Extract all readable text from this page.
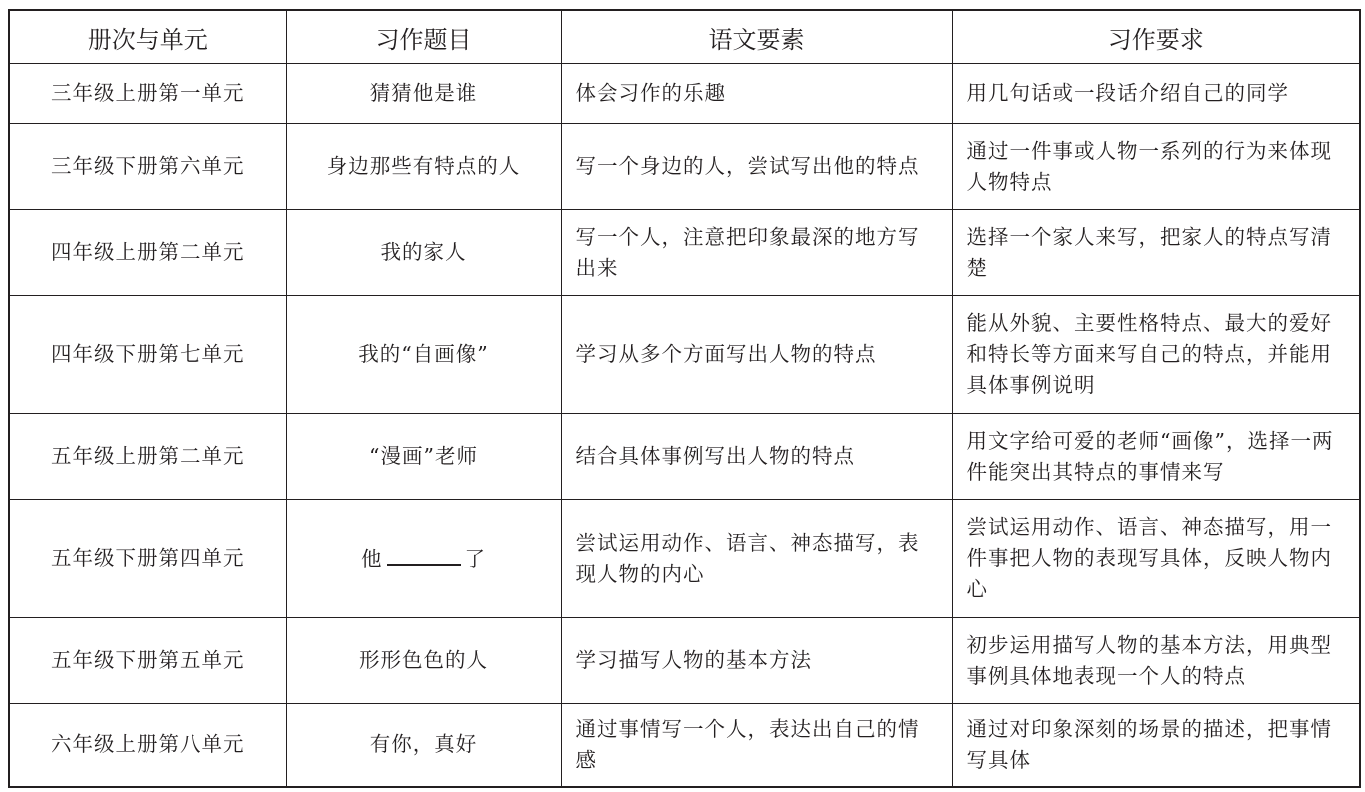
册次与单元	习作题目	语文要素	习作要求
三年级上册第一单元	猜猜他是谁	体会习作的乐趣	用几句话或一段话介绍自己的同学
三年级下册第六单元	身边那些有特点的人	写一个身边的人，尝试写出他的特点	通过一件事或人物一系列的行为来体现人物特点
四年级上册第二单元	我的家人	写一个人，注意把印象最深的地方写出来	选择一个家人来写，把家人的特点写清楚
四年级下册第七单元	我的“自画像”	学习从多个方面写出人物的特点	能从外貌、主要性格特点、最大的爱好和特长等方面来写自己的特点，并能用具体事例说明
五年级上册第二单元	“漫画”老师	结合具体事例写出人物的特点	用文字给可爱的老师“画像”，选择一两件能突出其特点的事情来写
五年级下册第四单元	他 了	尝试运用动作、语言、神态描写，表现人物的内心	尝试运用动作、语言、神态描写，用一件事把人物的表现写具体，反映人物内心
五年级下册第五单元	形形色色的人	学习描写人物的基本方法	初步运用描写人物的基本方法，用典型事例具体地表现一个人的特点
六年级上册第八单元	有你，真好	通过事情写一个人，表达出自己的情感	通过对印象深刻的场景的描述，把事情写具体
